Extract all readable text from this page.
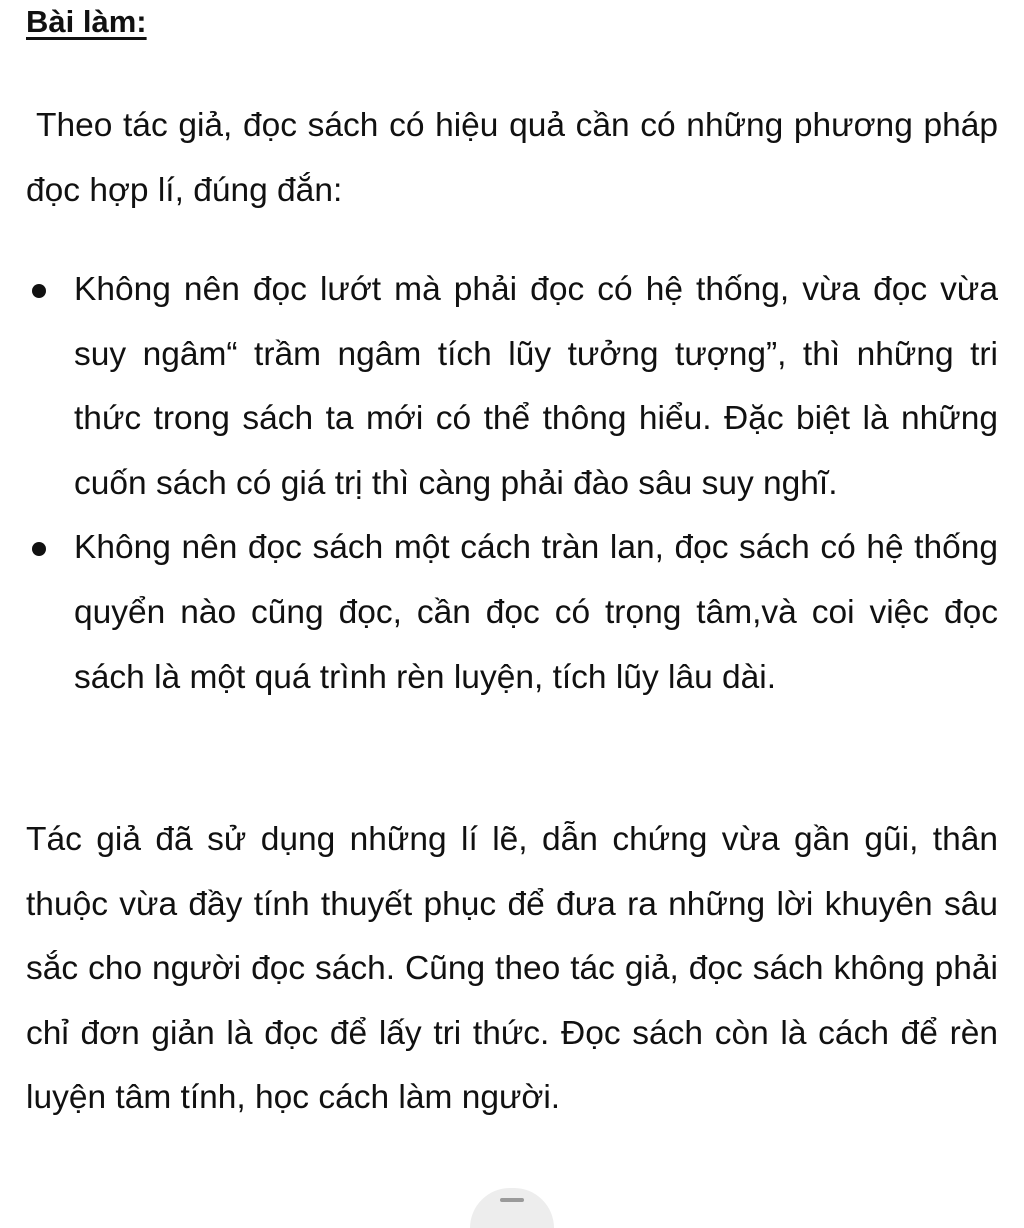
Bài làm:

Theo tác giả, đọc sách có hiệu quả cần có những phương pháp đọc hợp lí, đúng đắn:

Không nên đọc lướt mà phải đọc có hệ thống, vừa đọc vừa suy ngâm“ trầm ngâm tích lũy tưởng tượng”, thì những tri thức trong sách ta mới có thể thông hiểu. Đặc biệt là những cuốn sách có giá trị thì càng phải đào sâu suy nghĩ.
Không nên đọc sách một cách tràn lan, đọc sách có hệ thống quyển nào cũng đọc, cần đọc có trọng tâm,và coi việc đọc sách là một quá trình rèn luyện, tích lũy lâu dài.

Tác giả đã sử dụng những lí lẽ, dẫn chứng vừa gần gũi, thân thuộc vừa đầy tính thuyết phục để đưa ra những lời khuyên sâu sắc cho người đọc sách. Cũng theo tác giả, đọc sách không phải chỉ đơn giản là đọc để lấy tri thức. Đọc sách còn là cách để rèn luyện tâm tính, học cách làm người.
